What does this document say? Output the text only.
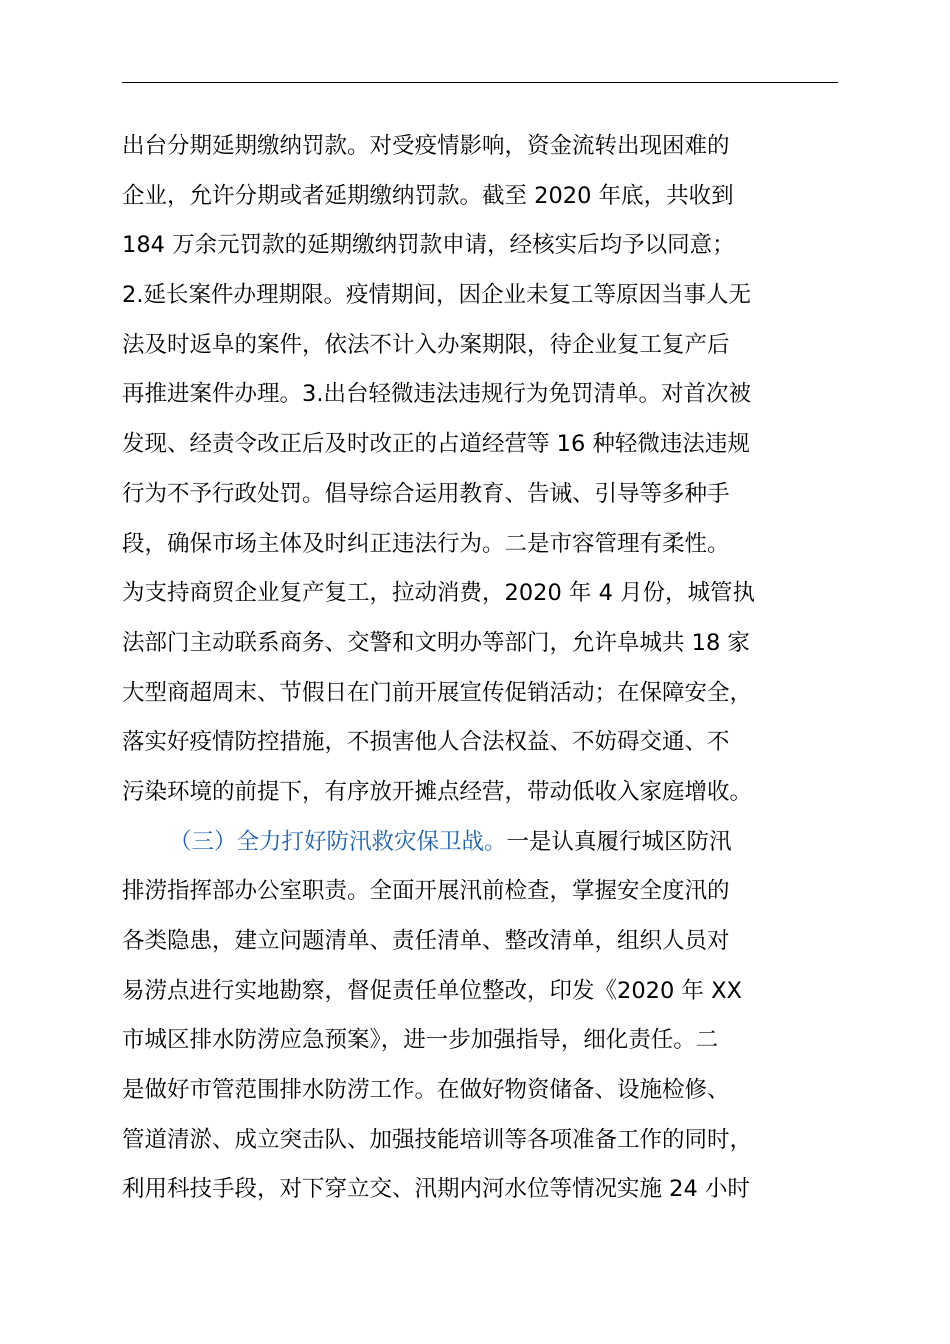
出台分期延期缴纳罚款。对受疫情影响，资金流转出现困难的
企业，允许分期或者延期缴纳罚款。截至 2020 年底，共收到
184 万余元罚款的延期缴纳罚款申请，经核实后均予以同意；
2.延长案件办理期限。疫情期间，因企业未复工等原因当事人无
法及时返阜的案件，依法不计入办案期限，待企业复工复产后
再推进案件办理。3.出台轻微违法违规行为免罚清单。对首次被
发现、经责令改正后及时改正的占道经营等 16 种轻微违法违规
行为不予行政处罚。倡导综合运用教育、告诫、引导等多种手
段，确保市场主体及时纠正违法行为。二是市容管理有柔性。
为支持商贸企业复产复工，拉动消费，2020 年 4 月份，城管执
法部门主动联系商务、交警和文明办等部门，允许阜城共 18 家
大型商超周末、节假日在门前开展宣传促销活动；在保障安全，
落实好疫情防控措施，不损害他人合法权益、不妨碍交通、不
污染环境的前提下，有序放开摊点经营，带动低收入家庭增收。
（三）全力打好防汛救灾保卫战。一是认真履行城区防汛
排涝指挥部办公室职责。全面开展汛前检查，掌握安全度汛的
各类隐患，建立问题清单、责任清单、整改清单，组织人员对
易涝点进行实地勘察，督促责任单位整改，印发《2020 年 XX
市城区排水防涝应急预案》，进一步加强指导，细化责任。二
是做好市管范围排水防涝工作。在做好物资储备、设施检修、
管道清淤、成立突击队、加强技能培训等各项准备工作的同时，
利用科技手段，对下穿立交、汛期内河水位等情况实施 24 小时
